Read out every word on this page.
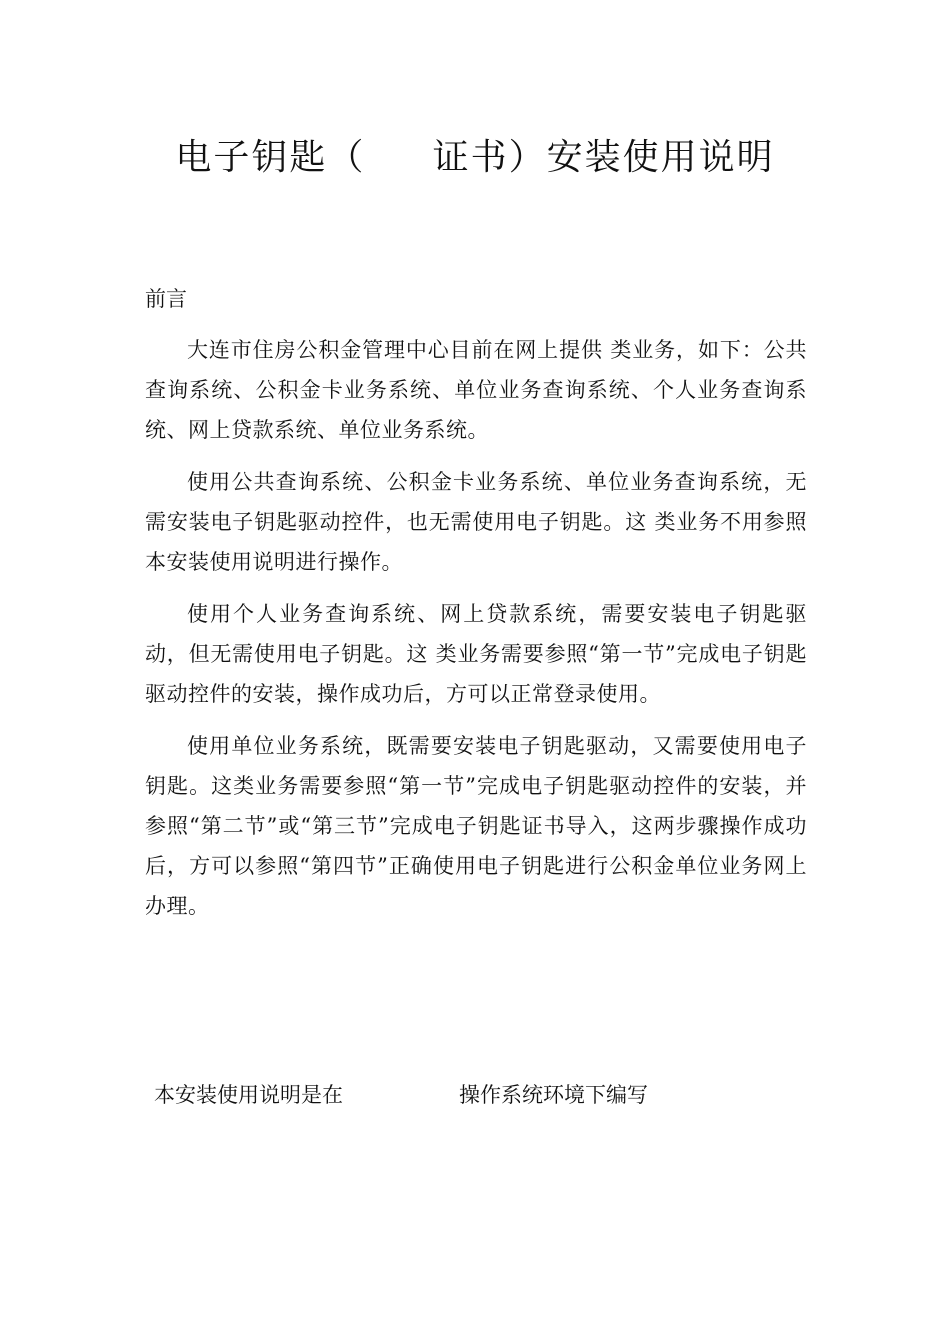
电子钥匙（     证书）安装使用说明
前言

大连市住房公积金管理中心目前在网上提供 类业务，如下：公共查询系统、公积金卡业务系统、单位业务查询系统、个人业务查询系统、网上贷款系统、单位业务系统。

使用公共查询系统、公积金卡业务系统、单位业务查询系统，无需安装电子钥匙驱动控件，也无需使用电子钥匙。这 类业务不用参照本安装使用说明进行操作。

使用个人业务查询系统、网上贷款系统，需要安装电子钥匙驱动，但无需使用电子钥匙。这 类业务需要参照“第一节”完成电子钥匙驱动控件的安装，操作成功后，方可以正常登录使用。

使用单位业务系统，既需要安装电子钥匙驱动，又需要使用电子钥匙。这类业务需要参照“第一节”完成电子钥匙驱动控件的安装，并参照“第二节”或“第三节”完成电子钥匙证书导入，这两步骤操作成功后，方可以参照“第四节”正确使用电子钥匙进行公积金单位业务网上办理。

本安装使用说明是在	操作系统环境下编写
